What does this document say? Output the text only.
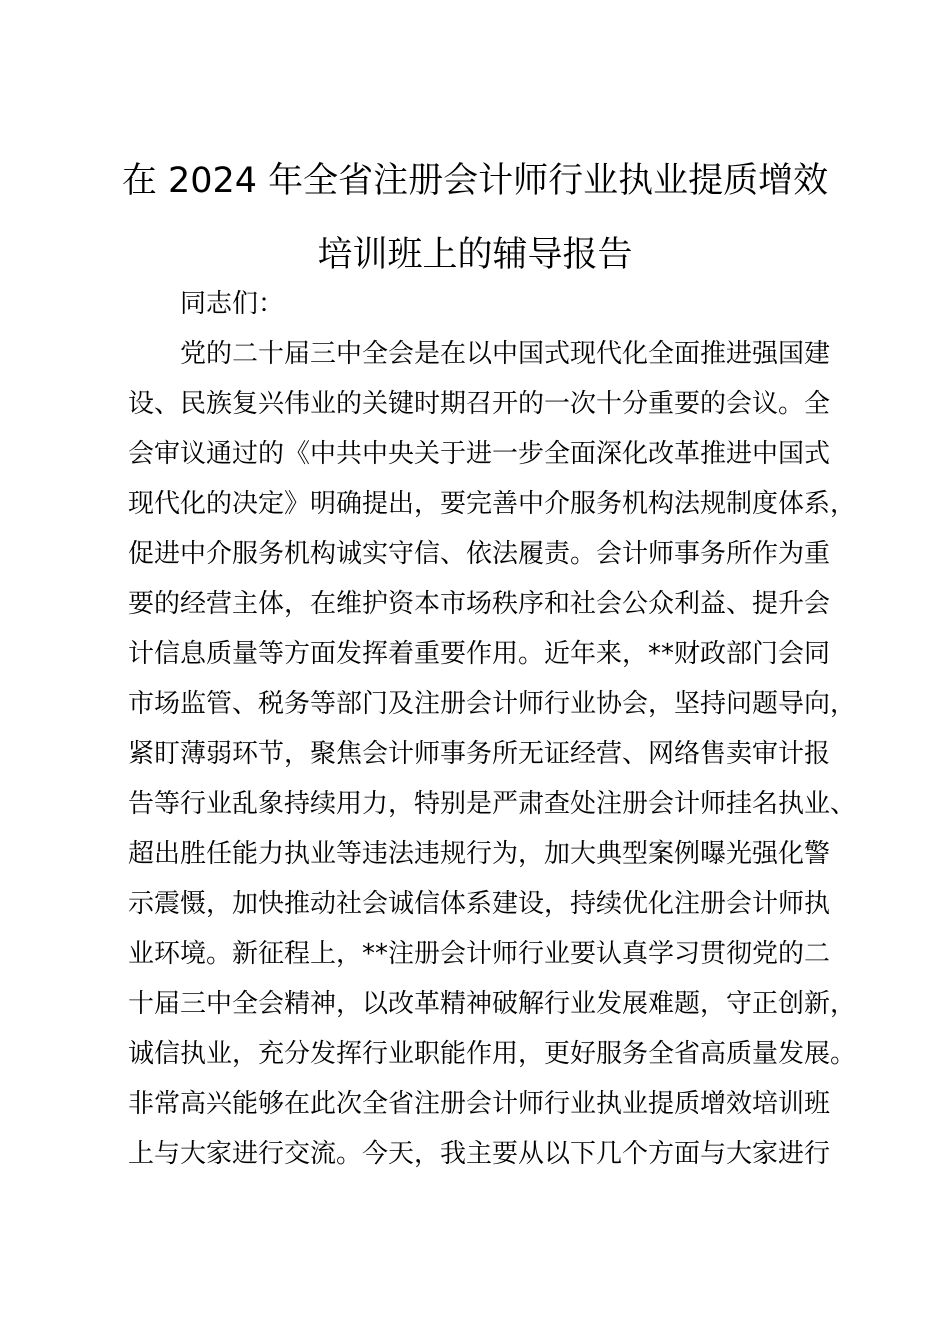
在 2024 年全省注册会计师行业执业提质增效
培训班上的辅导报告

同志们：

党的二十届三中全会是在以中国式现代化全面推进强国建

设、民族复兴伟业的关键时期召开的一次十分重要的会议。全

会审议通过的《中共中央关于进一步全面深化改革推进中国式

现代化的决定》明确提出，要完善中介服务机构法规制度体系，

促进中介服务机构诚实守信、依法履责。会计师事务所作为重

要的经营主体，在维护资本市场秩序和社会公众利益、提升会

计信息质量等方面发挥着重要作用。近年来，**财政部门会同

市场监管、税务等部门及注册会计师行业协会，坚持问题导向，

紧盯薄弱环节，聚焦会计师事务所无证经营、网络售卖审计报

告等行业乱象持续用力，特别是严肃查处注册会计师挂名执业、

超出胜任能力执业等违法违规行为，加大典型案例曝光强化警

示震慑，加快推动社会诚信体系建设，持续优化注册会计师执

业环境。新征程上，**注册会计师行业要认真学习贯彻党的二

十届三中全会精神，以改革精神破解行业发展难题，守正创新，

诚信执业，充分发挥行业职能作用，更好服务全省高质量发展。

非常高兴能够在此次全省注册会计师行业执业提质增效培训班

上与大家进行交流。今天，我主要从以下几个方面与大家进行
